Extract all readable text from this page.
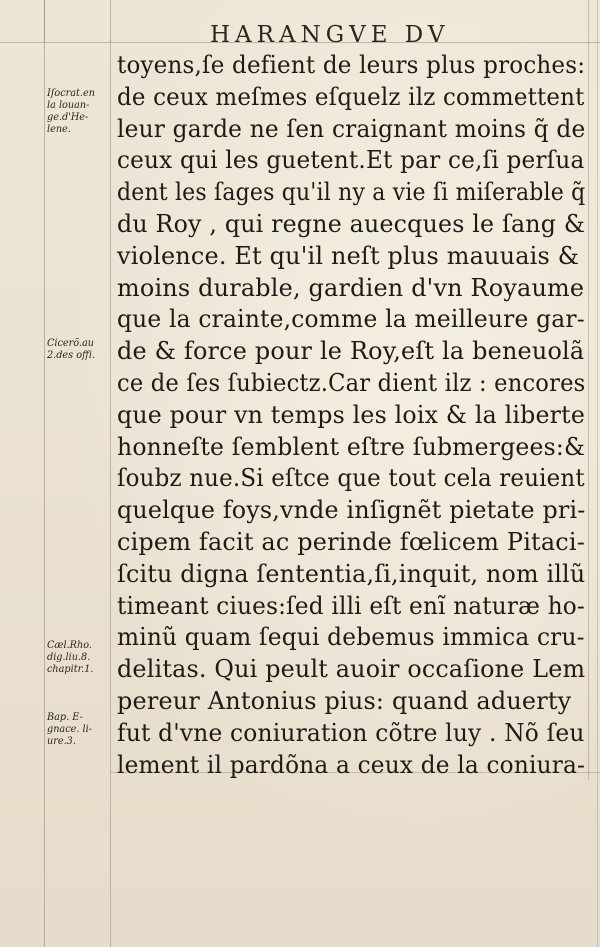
HARANGVE DV
toyens,ſe defient de leurs plus proches:
de ceux meſmes eſquelz ilz commettent
leur garde ne ſen craignant moins q̃ de
ceux qui les guetent.Et par ce,ſi perſua
dent les ſages qu'il ny a vie ſi miſerable q̃
du Roy , qui regne auecques le ſang &
violence. Et qu'il neſt plus mauuais &
moins durable, gardien d'vn Royaume
que la crainte,comme la meilleure gar-
de & force pour le Roy,eſt la beneuolã
ce de ſes ſubiectz.Car dient ilz : encores
que pour vn temps les loix & la liberte
honneſte ſemblent eſtre ſubmergees:&
ſoubz nue.Si eſtce que tout cela reuient
quelque foys,vnde inſignẽt pietate pri-
cipem facit ac perinde fœlicem Pitaci-
ſcitu digna ſententia,ſi,inquit, nom illũ
timeant ciues:ſed illi eſt enĩ naturæ ho-
minũ quam ſequi debemus immica cru-
delitas. Qui peult auoir occaſione Lem
pereur Antonius pius: quand aduerty
fut d'vne coniuration cõtre luy . Nõ ſeu
lement il pardõna a ceux de la coniura-
Iſocrat.en
la louan-
ge.d'He-
lene.
Cicerõ.au
2.des offi.
Cæl.Rho.
dig.liu.8.
chapitr.1.
Bap. E-
gnace. li-
ure.3.
